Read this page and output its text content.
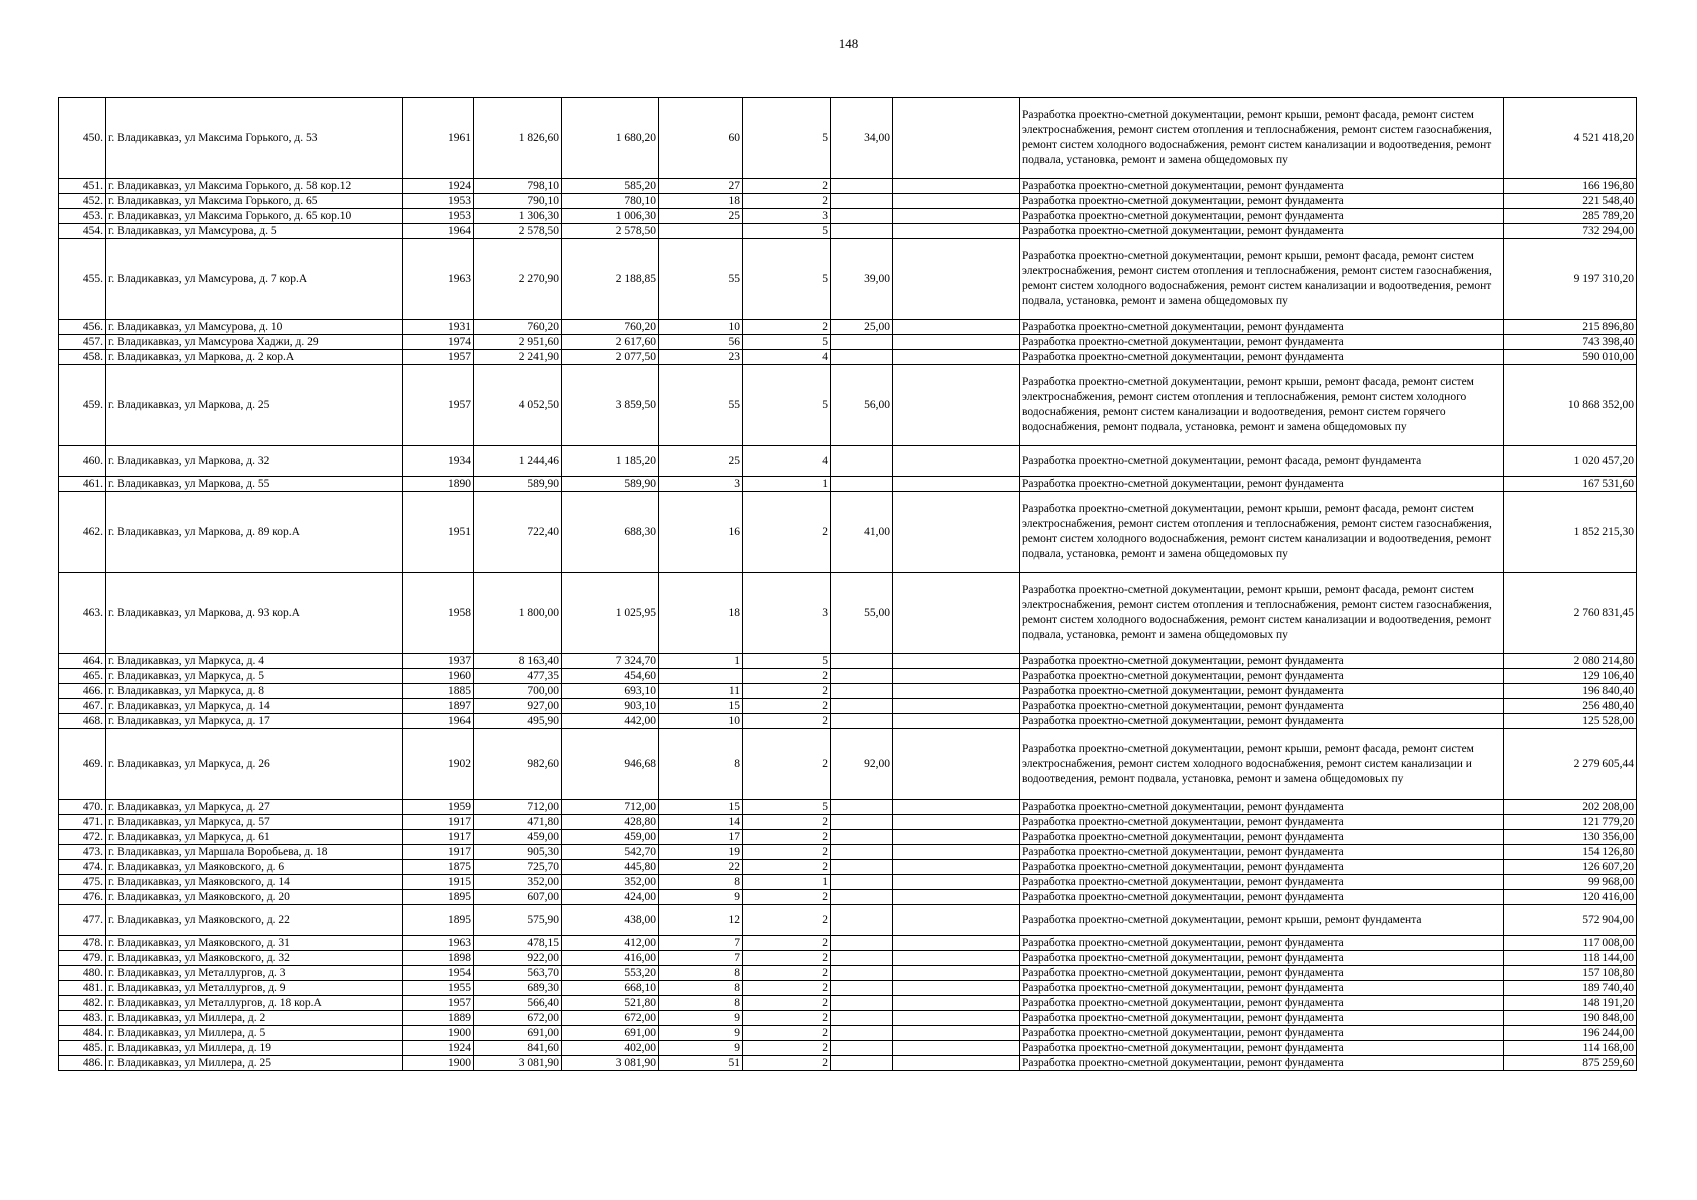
148
450.	г. Владикавказ, ул Максима Горького, д. 53	1961	1 826,60	1 680,20	60	5	34,00		Разработка проектно-сметной документации, ремонт крыши, ремонт фасада, ремонт систем электроснабжения, ремонт систем отопления и теплоснабжения, ремонт систем газоснабжения, ремонт систем холодного водоснабжения, ремонт систем канализации и водоотведения, ремонт подвала, установка, ремонт и замена общедомовых пу	4 521 418,20
451.	г. Владикавказ, ул Максима Горького, д. 58 кор.12	1924	798,10	585,20	27	2			Разработка проектно-сметной документации, ремонт фундамента	166 196,80
452.	г. Владикавказ, ул Максима Горького, д. 65	1953	790,10	780,10	18	2			Разработка проектно-сметной документации, ремонт фундамента	221 548,40
453.	г. Владикавказ, ул Максима Горького, д. 65 кор.10	1953	1 306,30	1 006,30	25	3			Разработка проектно-сметной документации, ремонт фундамента	285 789,20
454.	г. Владикавказ, ул Мамсурова, д. 5	1964	2 578,50	2 578,50		5			Разработка проектно-сметной документации, ремонт фундамента	732 294,00
455.	г. Владикавказ, ул Мамсурова, д. 7 кор.А	1963	2 270,90	2 188,85	55	5	39,00		Разработка проектно-сметной документации, ремонт крыши, ремонт фасада, ремонт систем электроснабжения, ремонт систем отопления и теплоснабжения, ремонт систем газоснабжения, ремонт систем холодного водоснабжения, ремонт систем канализации и водоотведения, ремонт подвала, установка, ремонт и замена общедомовых пу	9 197 310,20
456.	г. Владикавказ, ул Мамсурова, д. 10	1931	760,20	760,20	10	2	25,00		Разработка проектно-сметной документации, ремонт фундамента	215 896,80
457.	г. Владикавказ, ул Мамсурова Хаджи, д. 29	1974	2 951,60	2 617,60	56	5			Разработка проектно-сметной документации, ремонт фундамента	743 398,40
458.	г. Владикавказ, ул Маркова, д. 2 кор.А	1957	2 241,90	2 077,50	23	4			Разработка проектно-сметной документации, ремонт фундамента	590 010,00
459.	г. Владикавказ, ул Маркова, д. 25	1957	4 052,50	3 859,50	55	5	56,00		Разработка проектно-сметной документации, ремонт крыши, ремонт фасада, ремонт систем электроснабжения, ремонт систем отопления и теплоснабжения, ремонт систем холодного водоснабжения, ремонт систем канализации и водоотведения, ремонт систем горячего водоснабжения, ремонт подвала, установка, ремонт и замена общедомовых пу	10 868 352,00
460.	г. Владикавказ, ул Маркова, д. 32	1934	1 244,46	1 185,20	25	4			Разработка проектно-сметной документации, ремонт фасада, ремонт фундамента	1 020 457,20
461.	г. Владикавказ, ул Маркова, д. 55	1890	589,90	589,90	3	1			Разработка проектно-сметной документации, ремонт фундамента	167 531,60
462.	г. Владикавказ, ул Маркова, д. 89 кор.А	1951	722,40	688,30	16	2	41,00		Разработка проектно-сметной документации, ремонт крыши, ремонт фасада, ремонт систем электроснабжения, ремонт систем отопления и теплоснабжения, ремонт систем газоснабжения, ремонт систем холодного водоснабжения, ремонт систем канализации и водоотведения, ремонт подвала, установка, ремонт и замена общедомовых пу	1 852 215,30
463.	г. Владикавказ, ул Маркова, д. 93 кор.А	1958	1 800,00	1 025,95	18	3	55,00		Разработка проектно-сметной документации, ремонт крыши, ремонт фасада, ремонт систем электроснабжения, ремонт систем отопления и теплоснабжения, ремонт систем газоснабжения, ремонт систем холодного водоснабжения, ремонт систем канализации и водоотведения, ремонт подвала, установка, ремонт и замена общедомовых пу	2 760 831,45
464.	г. Владикавказ, ул Маркуса, д. 4	1937	8 163,40	7 324,70	1	5			Разработка проектно-сметной документации, ремонт фундамента	2 080 214,80
465.	г. Владикавказ, ул Маркуса, д. 5	1960	477,35	454,60		2			Разработка проектно-сметной документации, ремонт фундамента	129 106,40
466.	г. Владикавказ, ул Маркуса, д. 8	1885	700,00	693,10	11	2			Разработка проектно-сметной документации, ремонт фундамента	196 840,40
467.	г. Владикавказ, ул Маркуса, д. 14	1897	927,00	903,10	15	2			Разработка проектно-сметной документации, ремонт фундамента	256 480,40
468.	г. Владикавказ, ул Маркуса, д. 17	1964	495,90	442,00	10	2			Разработка проектно-сметной документации, ремонт фундамента	125 528,00
469.	г. Владикавказ, ул Маркуса, д. 26	1902	982,60	946,68	8	2	92,00		Разработка проектно-сметной документации, ремонт крыши, ремонт фасада, ремонт систем электроснабжения, ремонт систем холодного водоснабжения, ремонт систем канализации и водоотведения, ремонт подвала, установка, ремонт и замена общедомовых пу	2 279 605,44
470.	г. Владикавказ, ул Маркуса, д. 27	1959	712,00	712,00	15	5			Разработка проектно-сметной документации, ремонт фундамента	202 208,00
471.	г. Владикавказ, ул Маркуса, д. 57	1917	471,80	428,80	14	2			Разработка проектно-сметной документации, ремонт фундамента	121 779,20
472.	г. Владикавказ, ул Маркуса, д. 61	1917	459,00	459,00	17	2			Разработка проектно-сметной документации, ремонт фундамента	130 356,00
473.	г. Владикавказ, ул Маршала Воробьева, д. 18	1917	905,30	542,70	19	2			Разработка проектно-сметной документации, ремонт фундамента	154 126,80
474.	г. Владикавказ, ул Маяковского, д. 6	1875	725,70	445,80	22	2			Разработка проектно-сметной документации, ремонт фундамента	126 607,20
475.	г. Владикавказ, ул Маяковского, д. 14	1915	352,00	352,00	8	1			Разработка проектно-сметной документации, ремонт фундамента	99 968,00
476.	г. Владикавказ, ул Маяковского, д. 20	1895	607,00	424,00	9	2			Разработка проектно-сметной документации, ремонт фундамента	120 416,00
477.	г. Владикавказ, ул Маяковского, д. 22	1895	575,90	438,00	12	2			Разработка проектно-сметной документации, ремонт крыши, ремонт фундамента	572 904,00
478.	г. Владикавказ, ул Маяковского, д. 31	1963	478,15	412,00	7	2			Разработка проектно-сметной документации, ремонт фундамента	117 008,00
479.	г. Владикавказ, ул Маяковского, д. 32	1898	922,00	416,00	7	2			Разработка проектно-сметной документации, ремонт фундамента	118 144,00
480.	г. Владикавказ, ул Металлургов, д. 3	1954	563,70	553,20	8	2			Разработка проектно-сметной документации, ремонт фундамента	157 108,80
481.	г. Владикавказ, ул Металлургов, д. 9	1955	689,30	668,10	8	2			Разработка проектно-сметной документации, ремонт фундамента	189 740,40
482.	г. Владикавказ, ул Металлургов, д. 18 кор.А	1957	566,40	521,80	8	2			Разработка проектно-сметной документации, ремонт фундамента	148 191,20
483.	г. Владикавказ, ул Миллера, д. 2	1889	672,00	672,00	9	2			Разработка проектно-сметной документации, ремонт фундамента	190 848,00
484.	г. Владикавказ, ул Миллера, д. 5	1900	691,00	691,00	9	2			Разработка проектно-сметной документации, ремонт фундамента	196 244,00
485.	г. Владикавказ, ул Миллера, д. 19	1924	841,60	402,00	9	2			Разработка проектно-сметной документации, ремонт фундамента	114 168,00
486.	г. Владикавказ, ул Миллера, д. 25	1900	3 081,90	3 081,90	51	2			Разработка проектно-сметной документации, ремонт фундамента	875 259,60
